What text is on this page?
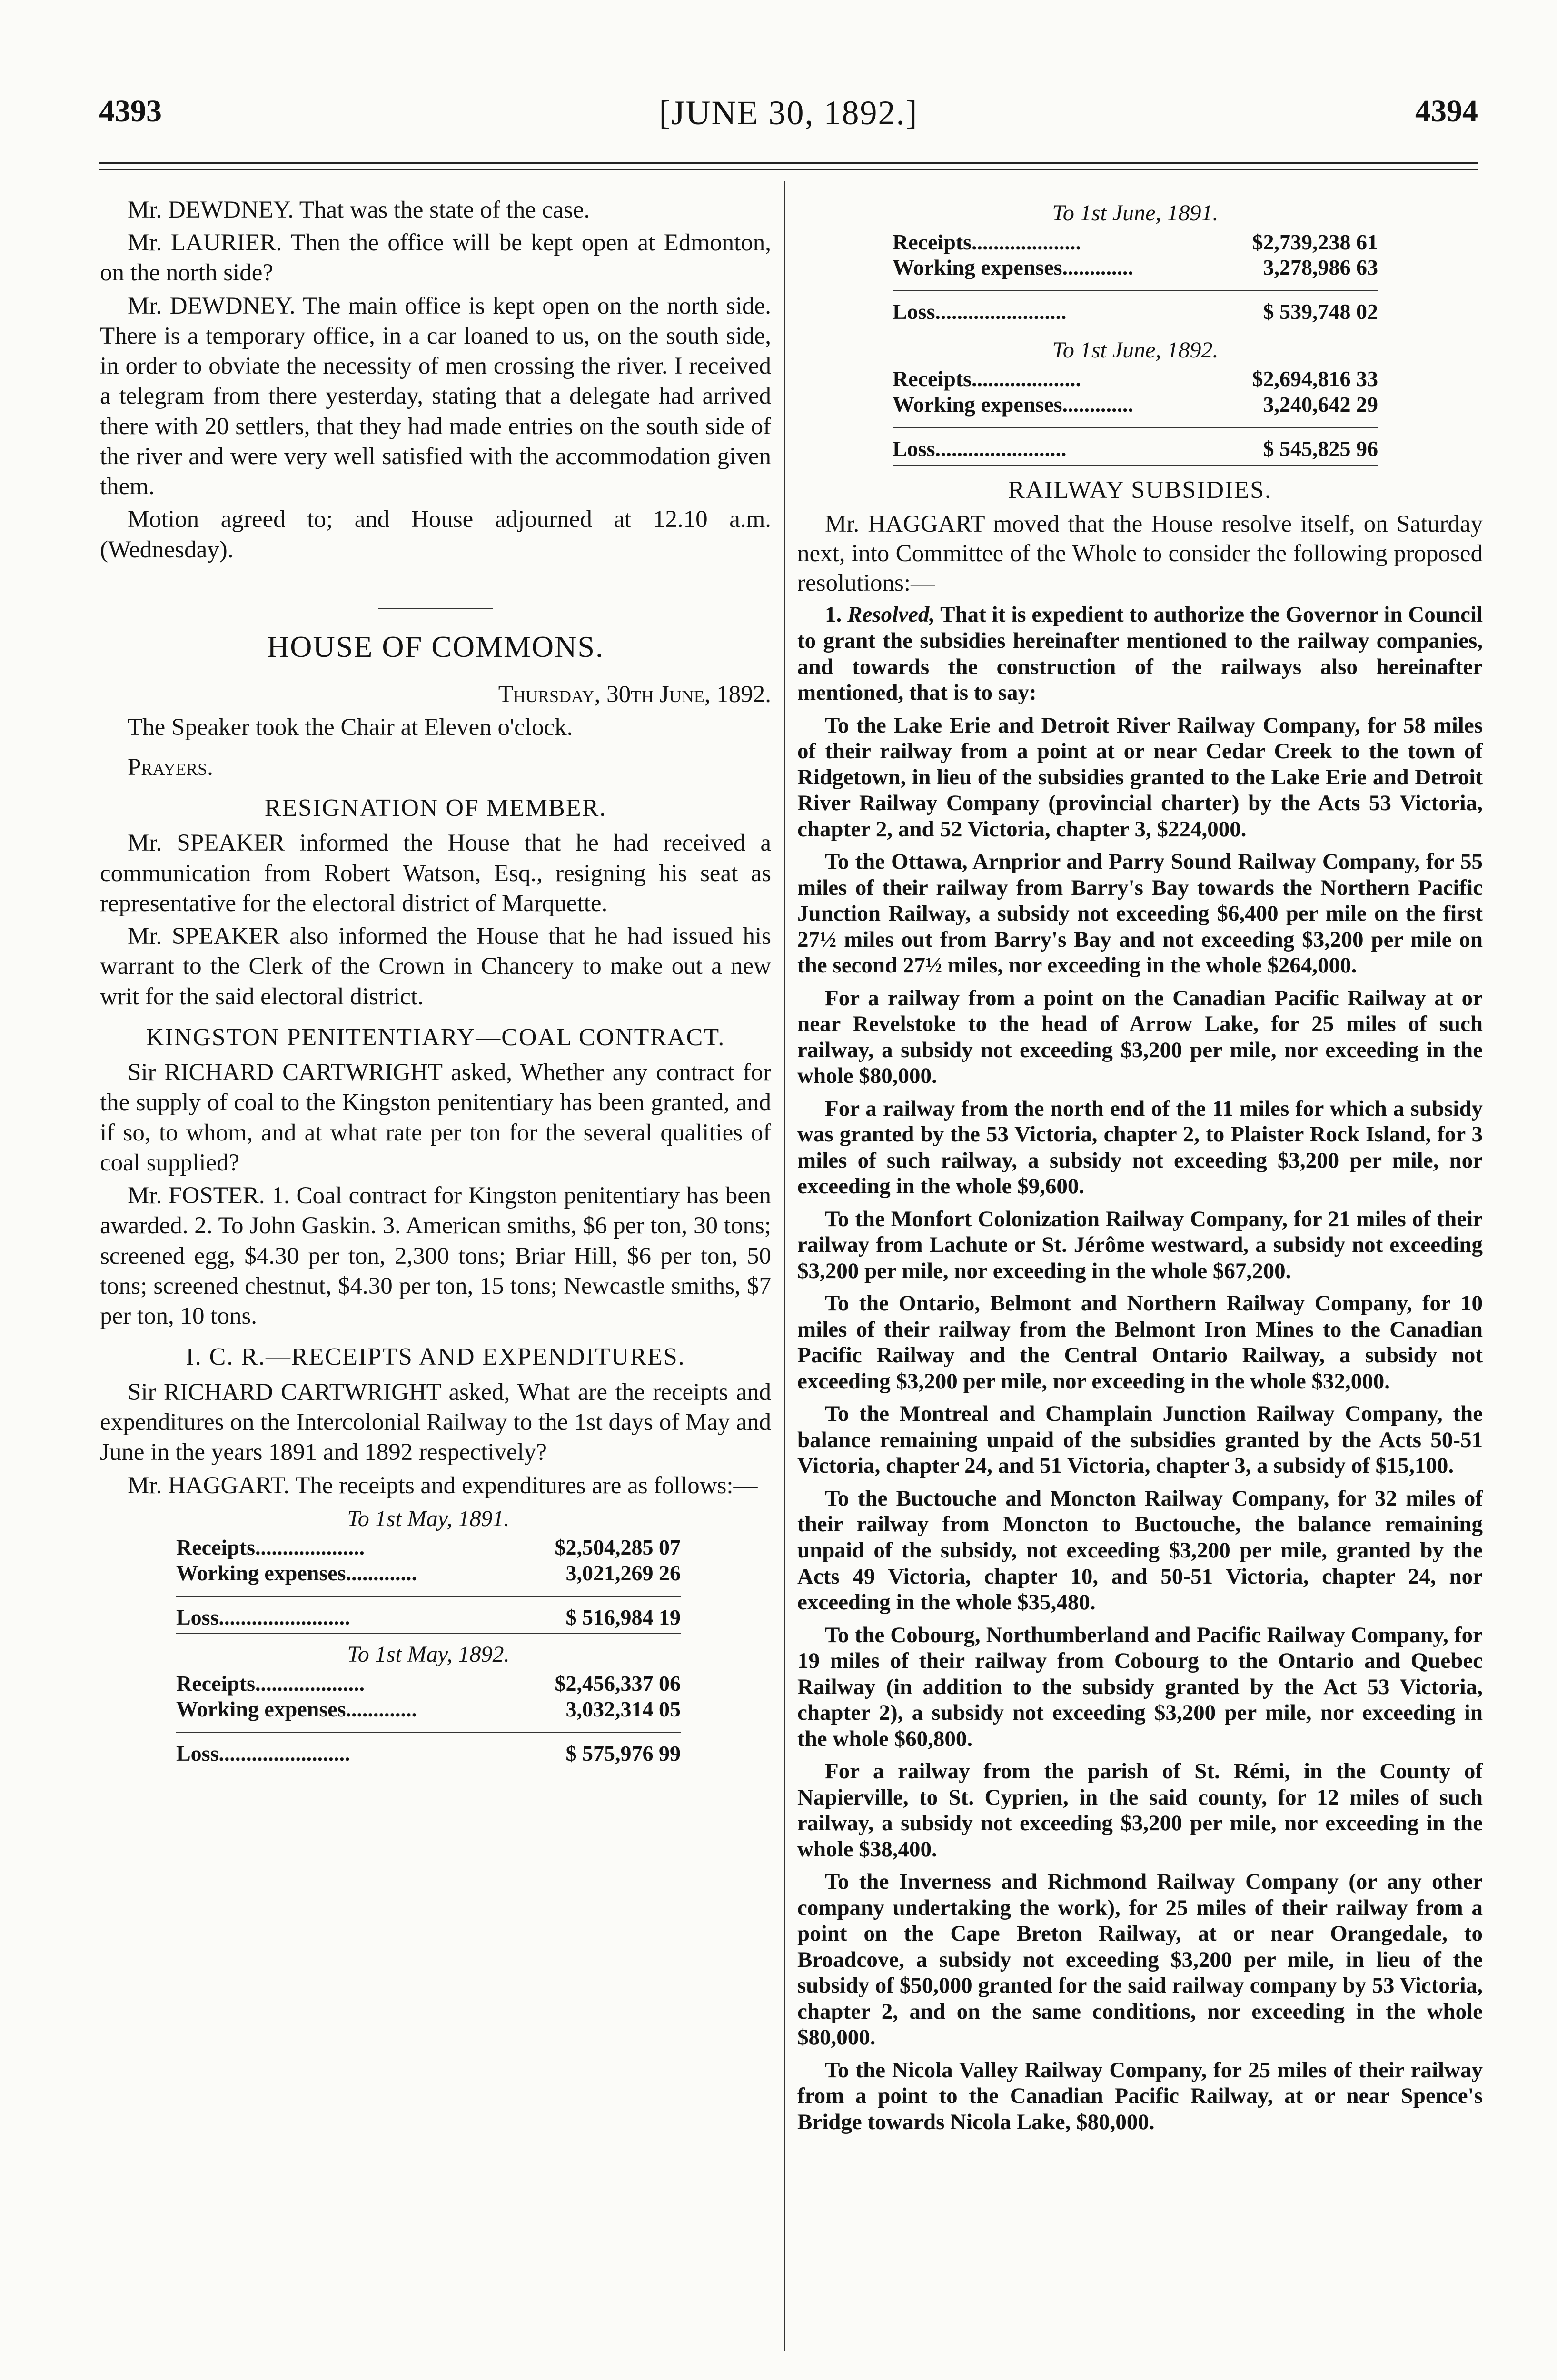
4393	[JUNE 30, 1892.]	4394

Mr. DEWDNEY. That was the state of the case.

Mr. LAURIER. Then the office will be kept open at Edmonton, on the north side?

Mr. DEWDNEY. The main office is kept open on the north side. There is a temporary office, in a car loaned to us, on the south side, in order to obviate the necessity of men crossing the river. I received a telegram from there yesterday, stating that a delegate had arrived there with 20 settlers, that they had made entries on the south side of the river and were very well satisfied with the accommodation given them.

Motion agreed to; and House adjourned at 12.10 a.m. (Wednesday).

HOUSE OF COMMONS.

Thursday, 30th June, 1892.

The Speaker took the Chair at Eleven o'clock.

Prayers.

RESIGNATION OF MEMBER.

Mr. SPEAKER informed the House that he had received a communication from Robert Watson, Esq., resigning his seat as representative for the electoral district of Marquette.

Mr. SPEAKER also informed the House that he had issued his warrant to the Clerk of the Crown in Chancery to make out a new writ for the said electoral district.

KINGSTON PENITENTIARY—COAL CONTRACT.

Sir RICHARD CARTWRIGHT asked, Whether any contract for the supply of coal to the Kingston penitentiary has been granted, and if so, to whom, and at what rate per ton for the several qualities of coal supplied?

Mr. FOSTER. 1. Coal contract for Kingston penitentiary has been awarded. 2. To John Gaskin. 3. American smiths, $6 per ton, 30 tons; screened egg, $4.30 per ton, 2,300 tons; Briar Hill, $6 per ton, 50 tons; screened chestnut, $4.30 per ton, 15 tons; Newcastle smiths, $7 per ton, 10 tons.

I. C. R.—RECEIPTS AND EXPENDITURES.

Sir RICHARD CARTWRIGHT asked, What are the receipts and expenditures on the Intercolonial Railway to the 1st days of May and June in the years 1891 and 1892 respectively?

Mr. HAGGART. The receipts and expenditures are as follows:—

To 1st May, 1891.
Receipts....................	$2,504,285 07
Working expenses.............	3,021,269 26
Loss........................	$ 516,984 19
To 1st May, 1892.
Receipts....................	$2,456,337 06
Working expenses.............	3,032,314 05
Loss........................	$ 575,976 99
To 1st June, 1891.
Receipts....................	$2,739,238 61
Working expenses.............	3,278,986 63
Loss........................	$ 539,748 02
To 1st June, 1892.
Receipts....................	$2,694,816 33
Working expenses.............	3,240,642 29
Loss........................	$ 545,825 96
RAILWAY SUBSIDIES.

Mr. HAGGART moved that the House resolve itself, on Saturday next, into Committee of the Whole to consider the following proposed resolutions:—

1. Resolved, That it is expedient to authorize the Governor in Council to grant the subsidies hereinafter mentioned to the railway companies, and towards the construction of the railways also hereinafter mentioned, that is to say:

To the Lake Erie and Detroit River Railway Company, for 58 miles of their railway from a point at or near Cedar Creek to the town of Ridgetown, in lieu of the subsidies granted to the Lake Erie and Detroit River Railway Company (provincial charter) by the Acts 53 Victoria, chapter 2, and 52 Victoria, chapter 3, $224,000.

To the Ottawa, Arnprior and Parry Sound Railway Company, for 55 miles of their railway from Barry's Bay towards the Northern Pacific Junction Railway, a subsidy not exceeding $6,400 per mile on the first 27½ miles out from Barry's Bay and not exceeding $3,200 per mile on the second 27½ miles, nor exceeding in the whole $264,000.

For a railway from a point on the Canadian Pacific Railway at or near Revelstoke to the head of Arrow Lake, for 25 miles of such railway, a subsidy not exceeding $3,200 per mile, nor exceeding in the whole $80,000.

For a railway from the north end of the 11 miles for which a subsidy was granted by the 53 Victoria, chapter 2, to Plaister Rock Island, for 3 miles of such railway, a subsidy not exceeding $3,200 per mile, nor exceeding in the whole $9,600.

To the Monfort Colonization Railway Company, for 21 miles of their railway from Lachute or St. Jérôme westward, a subsidy not exceeding $3,200 per mile, nor exceeding in the whole $67,200.

To the Ontario, Belmont and Northern Railway Company, for 10 miles of their railway from the Belmont Iron Mines to the Canadian Pacific Railway and the Central Ontario Railway, a subsidy not exceeding $3,200 per mile, nor exceeding in the whole $32,000.

To the Montreal and Champlain Junction Railway Company, the balance remaining unpaid of the subsidies granted by the Acts 50-51 Victoria, chapter 24, and 51 Victoria, chapter 3, a subsidy of $15,100.

To the Buctouche and Moncton Railway Company, for 32 miles of their railway from Moncton to Buctouche, the balance remaining unpaid of the subsidy, not exceeding $3,200 per mile, granted by the Acts 49 Victoria, chapter 10, and 50-51 Victoria, chapter 24, nor exceeding in the whole $35,480.

To the Cobourg, Northumberland and Pacific Railway Company, for 19 miles of their railway from Cobourg to the Ontario and Quebec Railway (in addition to the subsidy granted by the Act 53 Victoria, chapter 2), a subsidy not exceeding $3,200 per mile, nor exceeding in the whole $60,800.

For a railway from the parish of St. Rémi, in the County of Napierville, to St. Cyprien, in the said county, for 12 miles of such railway, a subsidy not exceeding $3,200 per mile, nor exceeding in the whole $38,400.

To the Inverness and Richmond Railway Company (or any other company undertaking the work), for 25 miles of their railway from a point on the Cape Breton Railway, at or near Orangedale, to Broadcove, a subsidy not exceeding $3,200 per mile, in lieu of the subsidy of $50,000 granted for the said railway company by 53 Victoria, chapter 2, and on the same conditions, nor exceeding in the whole $80,000.

To the Nicola Valley Railway Company, for 25 miles of their railway from a point to the Canadian Pacific Railway, at or near Spence's Bridge towards Nicola Lake, $80,000.
